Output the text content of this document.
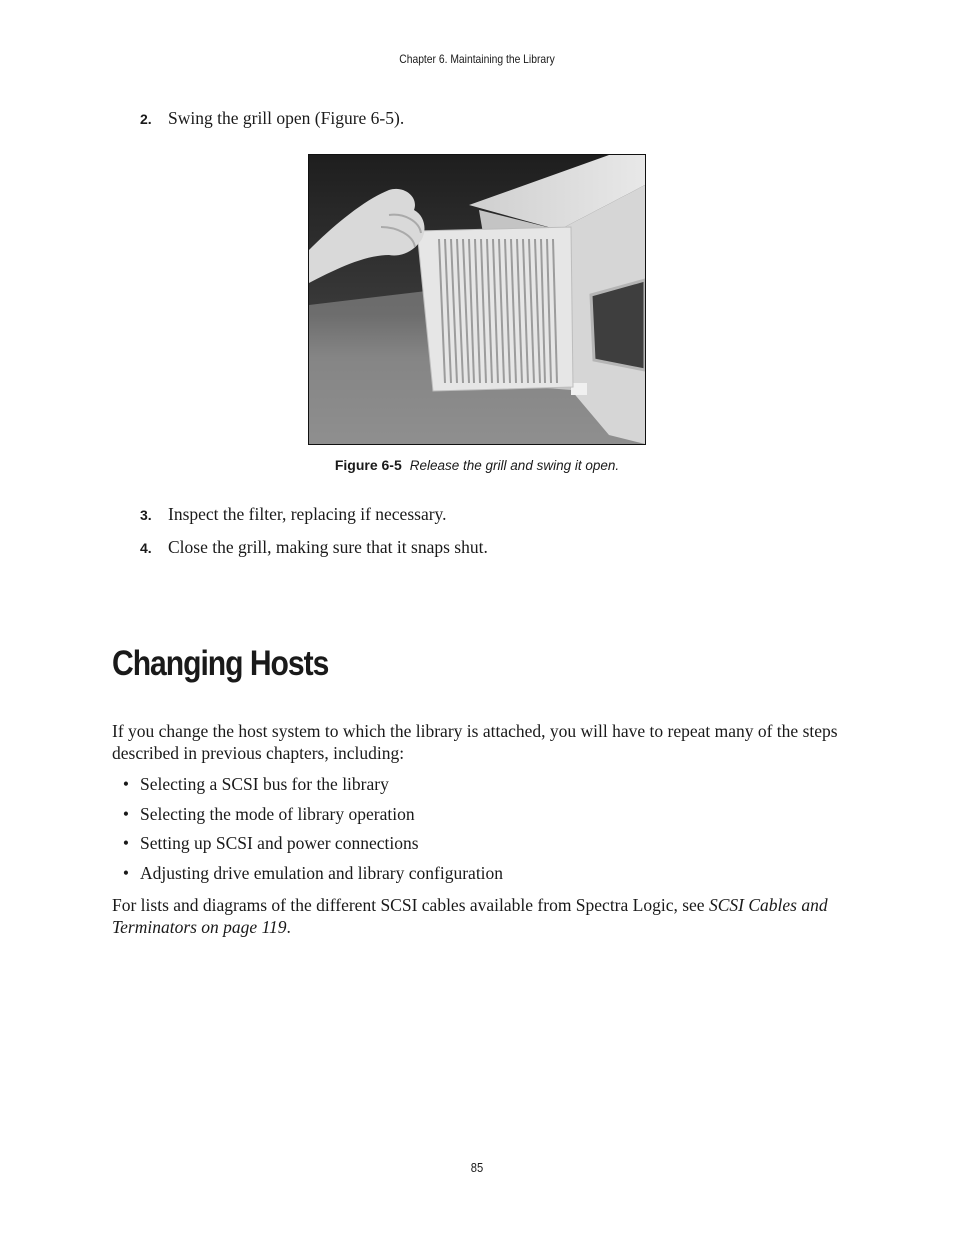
Chapter 6. Maintaining the Library
2. Swing the grill open (Figure 6-5).
Figure 6-5 Release the grill and swing it open.
3. Inspect the filter, replacing if necessary.
4. Close the grill, making sure that it snaps shut.
Changing Hosts

If you change the host system to which the library is attached, you will have to repeat many of the steps described in previous chapters, including:

• Selecting a SCSI bus for the library
• Selecting the mode of library operation
• Setting up SCSI and power connections
• Adjusting drive emulation and library configuration

For lists and diagrams of the different SCSI cables available from Spectra Logic, see SCSI Cables and Terminators on page 119.

85
